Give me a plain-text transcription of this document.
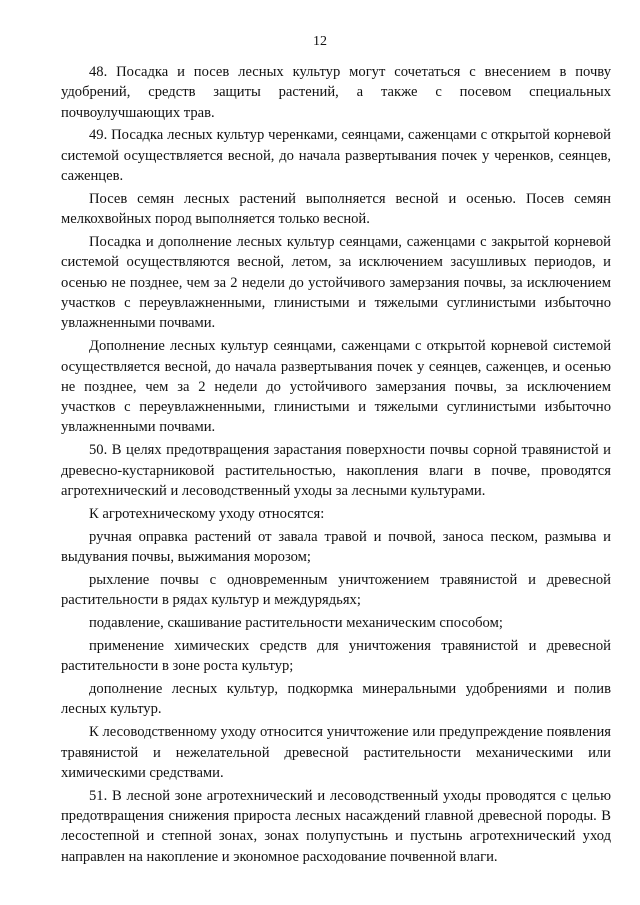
12

48. Посадка и посев лесных культур могут сочетаться с внесением в почву удобрений, средств защиты растений, а также с посевом специальных почвоулучшающих трав.

49. Посадка лесных культур черенками, сеянцами, саженцами с открытой корневой системой осуществляется весной, до начала развертывания почек у черенков, сеянцев, саженцев.

Посев семян лесных растений выполняется весной и осенью. Посев семян мелкохвойных пород выполняется только весной.

Посадка и дополнение лесных культур сеянцами, саженцами с закрытой корневой системой осуществляются весной, летом, за исключением засушливых периодов, и осенью не позднее, чем за 2 недели до устойчивого замерзания почвы, за исключением участков с переувлажненными, глинистыми и тяжелыми суглинистыми избыточно увлажненными почвами.

Дополнение лесных культур сеянцами, саженцами с открытой корневой системой осуществляется весной, до начала развертывания почек у сеянцев, саженцев, и осенью не позднее, чем за 2 недели до устойчивого замерзания почвы, за исключением участков с переувлажненными, глинистыми и тяжелыми суглинистыми избыточно увлажненными почвами.

50. В целях предотвращения зарастания поверхности почвы сорной травянистой и древесно-кустарниковой растительностью, накопления влаги в почве, проводятся агротехнический и лесоводственный уходы за лесными культурами.

К агротехническому уходу относятся:

ручная оправка растений от завала травой и почвой, заноса песком, размыва и выдувания почвы, выжимания морозом;

рыхление почвы с одновременным уничтожением травянистой и древесной растительности в рядах культур и междурядьях;

подавление, скашивание растительности механическим способом;

применение химических средств для уничтожения травянистой и древесной растительности в зоне роста культур;

дополнение лесных культур, подкормка минеральными удобрениями и полив лесных культур.

К лесоводственному уходу относится уничтожение или предупреждение появления травянистой и нежелательной древесной растительности механическими или химическими средствами.

51. В лесной зоне агротехнический и лесоводственный уходы проводятся с целью предотвращения снижения прироста лесных насаждений главной древесной породы. В лесостепной и степной зонах, зонах полупустынь и пустынь агротехнический уход направлен на накопление и экономное расходование почвенной влаги.
